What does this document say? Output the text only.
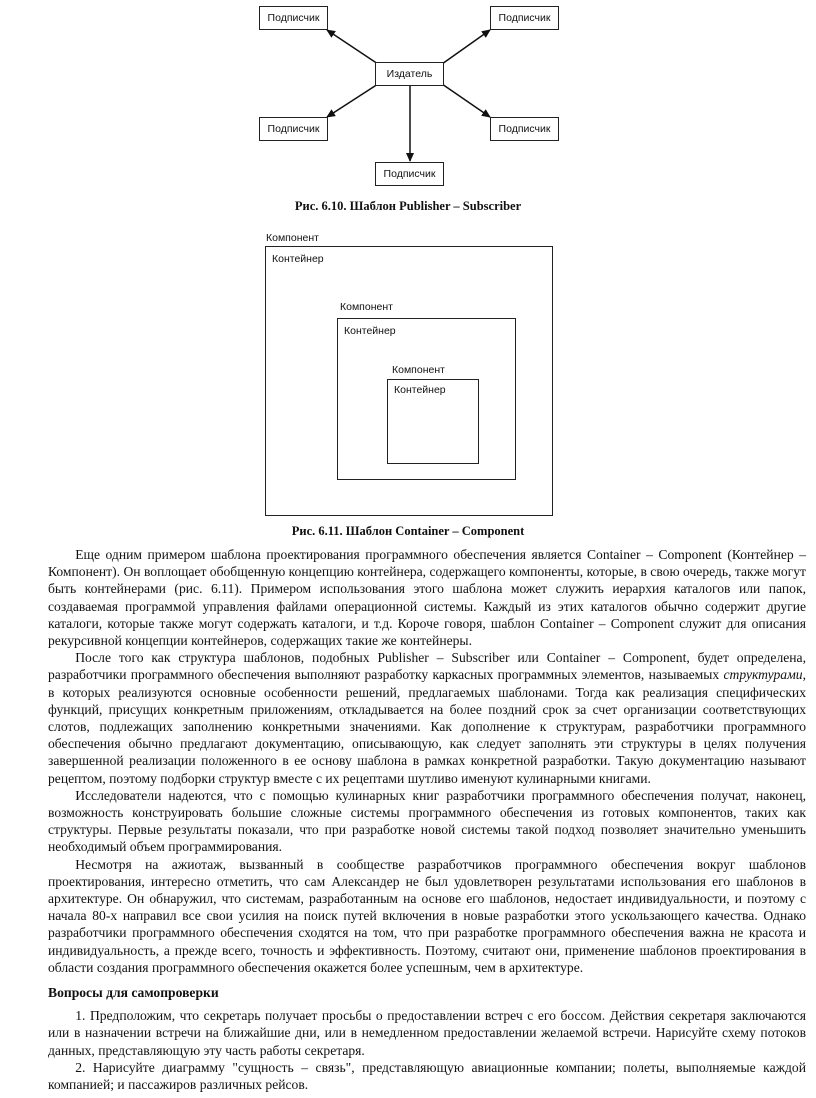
Издатель
Подписчик	Подписчик
Подписчик	Подписчик
Подписчик
Рис. 6.10. Шаблон Publisher – Subscriber
Компонент
Контейнер
Компонент
Контейнер
Компонент
Контейнер
Рис. 6.11. Шаблон Container – Component

Еще одним примером шаблона проектирования программного обеспечения является Container – Component (Контейнер – Компонент). Он воплощает обобщенную концепцию контейнера, содержащего компоненты, которые, в свою очередь, также могут быть контейнерами (рис. 6.11). Примером использования этого шаблона может служить иерархия каталогов или папок, создаваемая программой управления файлами операционной системы. Каждый из этих каталогов обычно содержит другие каталоги, которые также могут содержать каталоги, и т.д. Короче говоря, шаблон Container – Component служит для описания рекурсивной концепции контейнеров, содержащих такие же контейнеры.

После того как структура шаблонов, подобных Publisher – Subscriber или Container – Component, будет определена, разработчики программного обеспечения выполняют разработку каркасных программных элементов, называемых структурами, в которых реализуются основные особенности решений, предлагаемых шаблонами. Тогда как реализация специфических функций, присущих конкретным приложениям, откладывается на более поздний срок за счет организации соответствующих слотов, подлежащих заполнению конкретными значениями. Как дополнение к структурам, разработчики программного обеспечения обычно предлагают документацию, описывающую, как следует заполнять эти структуры в целях получения завершенной реализации положенного в ее основу шаблона в рамках конкретной разработки. Такую документацию называют рецептом, поэтому подборки структур вместе с их рецептами шутливо именуют кулинарными книгами.

Исследователи надеются, что с помощью кулинарных книг разработчики программного обеспечения получат, наконец, возможность конструировать большие сложные системы программного обеспечения из готовых компонентов, таких как структуры. Первые результаты показали, что при разработке новой системы такой подход позволяет значительно уменьшить необходимый объем программирования.

Несмотря на ажиотаж, вызванный в сообществе разработчиков программного обеспечения вокруг шаблонов проектирования, интересно отметить, что сам Александер не был удовлетворен результатами использования его шаблонов в архитектуре. Он обнаружил, что системам, разработанным на основе его шаблонов, недостает индивидуальности, и поэтому с начала 80-х направил все свои усилия на поиск путей включения в новые разработки этого ускользающего качества. Однако разработчики программного обеспечения сходятся на том, что при разработке программного обеспечения важна не красота и индивидуальность, а прежде всего, точность и эффективность. Поэтому, считают они, применение шаблонов проектирования в области создания программного обеспечения окажется более успешным, чем в архитектуре.

Вопросы для самопроверки

1. Предположим, что секретарь получает просьбы о предоставлении встреч с его боссом. Действия секретаря заключаются или в назначении встречи на ближайшие дни, или в немедленном предоставлении желаемой встречи. Нарисуйте схему потоков данных, представляющую эту часть работы секретаря.

2. Нарисуйте диаграмму "сущность – связь", представляющую авиационные компании; полеты, выполняемые каждой компанией; и пассажиров различных рейсов.
